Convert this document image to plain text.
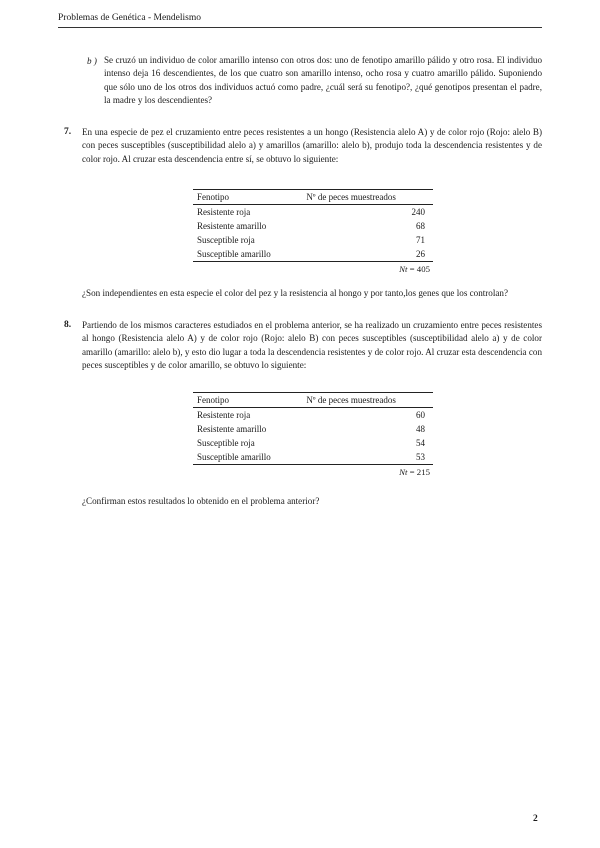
Problemas de Genética - Mendelismo
b ) Se cruzó un individuo de color amarillo intenso con otros dos: uno de fenotipo amarillo pálido y otro rosa. El individuo intenso deja 16 descendientes, de los que cuatro son amarillo intenso, ocho rosa y cuatro amarillo pálido. Suponiendo que sólo uno de los otros dos individuos actuó como padre, ¿cuál será su fenotipo?, ¿qué genotipos presentan el padre, la madre y los descendientes?
7. En una especie de pez el cruzamiento entre peces resistentes a un hongo (Resistencia alelo A) y de color rojo (Rojo: alelo B) con peces susceptibles (susceptibilidad alelo a) y amarillos (amarillo: alelo b), produjo toda la descendencia resistentes y de color rojo. Al cruzar esta descendencia entre sí, se obtuvo lo siguiente:
Fenotipo	Nº de peces muestreados
Resistente roja	240
Resistente amarillo	68
Susceptible roja	71
Susceptible amarillo	26
Nt = 405
¿Son independientes en esta especie el color del pez y la resistencia al hongo y por tanto,los genes que los controlan?
8. Partiendo de los mismos caracteres estudiados en el problema anterior, se ha realizado un cruzamiento entre peces resistentes al hongo (Resistencia alelo A) y de color rojo (Rojo: alelo B) con peces susceptibles (susceptibilidad alelo a) y de color amarillo (amarillo: alelo b), y esto dio lugar a toda la descendencia resistentes y de color rojo. Al cruzar esta descendencia con peces susceptibles y de color amarillo, se obtuvo lo siguiente:
Fenotipo	Nº de peces muestreados
Resistente roja	60
Resistente amarillo	48
Susceptible roja	54
Susceptible amarillo	53
Nt = 215
¿Confirman estos resultados lo obtenido en el problema anterior?
2
